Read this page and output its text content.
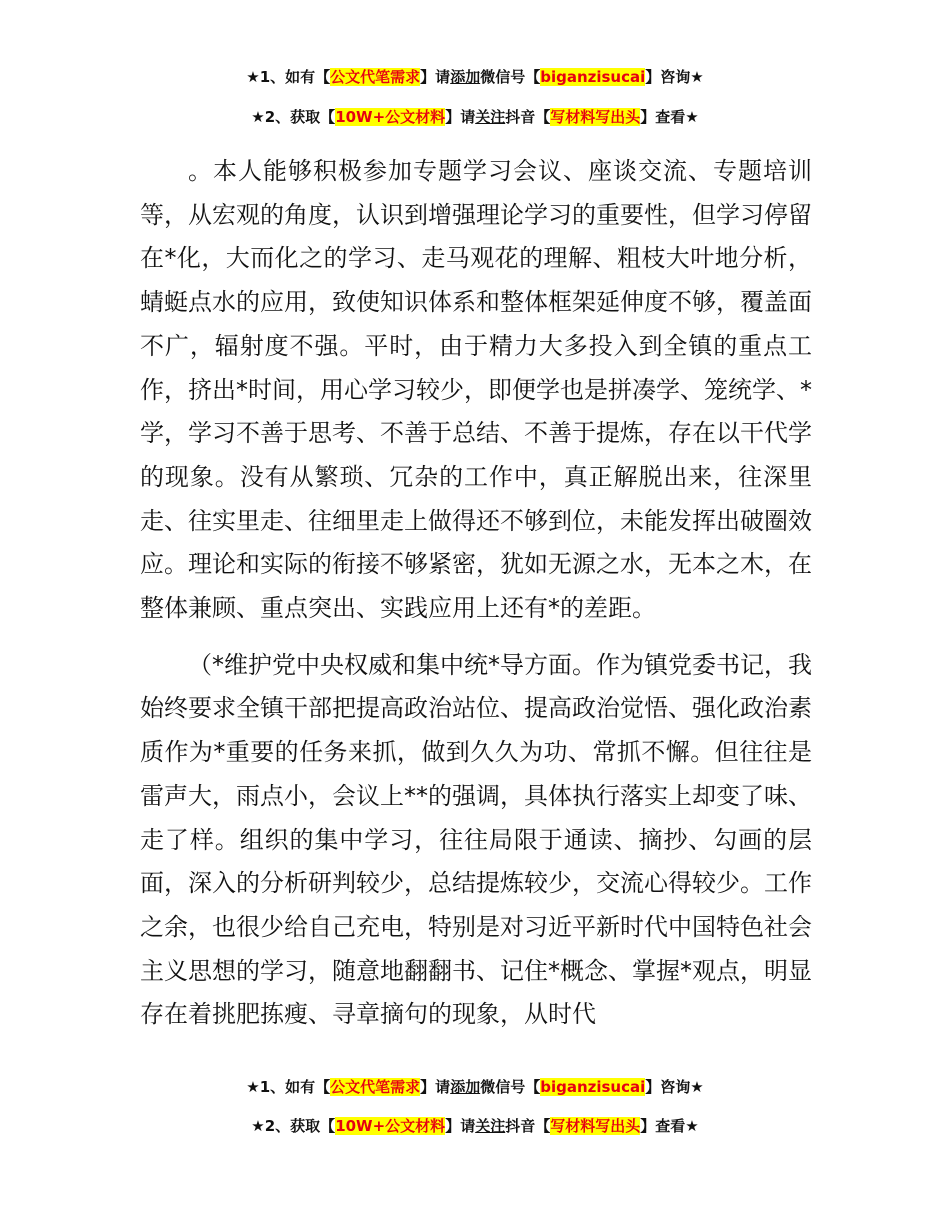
★1、如有【公文代笔需求】请添加微信号【biganzisucai】咨询★
★2、获取【10W+公文材料】请关注抖音【写材料写出头】查看★

。本人能够积极参加专题学习会议、座谈交流、专题培训等，从宏观的角度，认识到增强理论学习的重要性，但学习停留在*化，大而化之的学习、走马观花的理解、粗枝大叶地分析，蜻蜓点水的应用，致使知识体系和整体框架延伸度不够，覆盖面不广，辐射度不强。平时，由于精力大多投入到全镇的重点工作，挤出*时间，用心学习较少，即便学也是拼凑学、笼统学、*学，学习不善于思考、不善于总结、不善于提炼，存在以干代学的现象。没有从繁琐、冗杂的工作中，真正解脱出来，往深里走、往实里走、往细里走上做得还不够到位，未能发挥出破圈效应。理论和实际的衔接不够紧密，犹如无源之水，无本之木，在整体兼顾、重点突出、实践应用上还有*的差距。

（*维护党中央权威和集中统*导方面。作为镇党委书记，我始终要求全镇干部把提高政治站位、提高政治觉悟、强化政治素质作为*重要的任务来抓，做到久久为功、常抓不懈。但往往是雷声大，雨点小，会议上**的强调，具体执行落实上却变了味、走了样。组织的集中学习，往往局限于通读、摘抄、勾画的层面，深入的分析研判较少，总结提炼较少，交流心得较少。工作之余，也很少给自己充电，特别是对习近平新时代中国特色社会主义思想的学习，随意地翻翻书、记住*概念、掌握*观点，明显存在着挑肥拣瘦、寻章摘句的现象，从时代

★1、如有【公文代笔需求】请添加微信号【biganzisucai】咨询★
★2、获取【10W+公文材料】请关注抖音【写材料写出头】查看★
